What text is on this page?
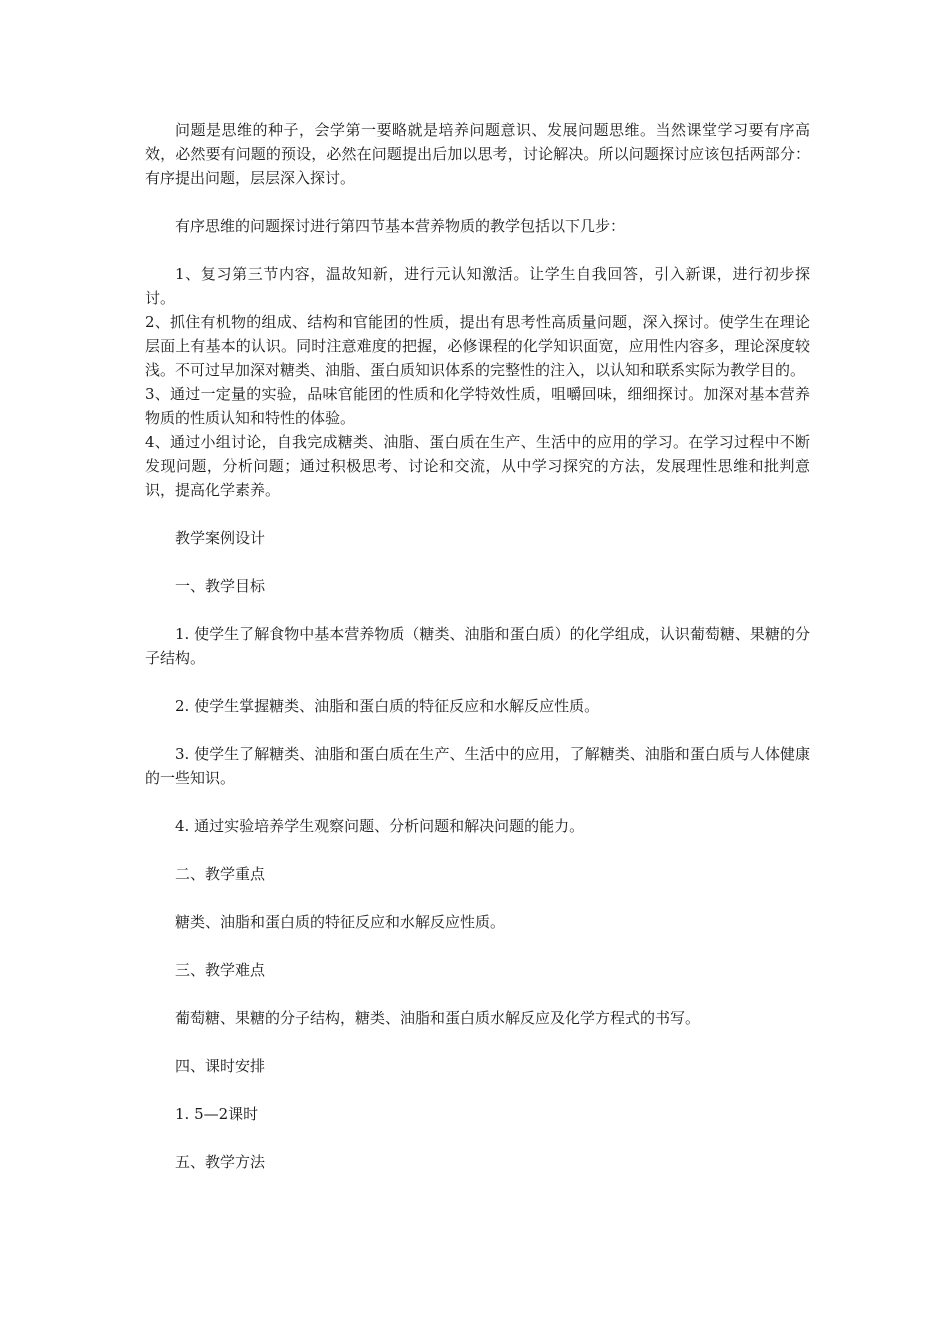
问题是思维的种子，会学第一要略就是培养问题意识、发展问题思维。当然课堂学习要有序高效，必然要有问题的预设，必然在问题提出后加以思考，讨论解决。所以问题探讨应该包括两部分：有序提出问题，层层深入探讨。

有序思维的问题探讨进行第四节基本营养物质的教学包括以下几步：

1、复习第三节内容，温故知新，进行元认知激活。让学生自我回答，引入新课，进行初步探讨。

2、抓住有机物的组成、结构和官能团的性质，提出有思考性高质量问题，深入探讨。使学生在理论层面上有基本的认识。同时注意难度的把握，必修课程的化学知识面宽，应用性内容多，理论深度较浅。不可过早加深对糖类、油脂、蛋白质知识体系的完整性的注入，以认知和联系实际为教学目的。

3、通过一定量的实验，品味官能团的性质和化学特效性质，咀嚼回味，细细探讨。加深对基本营养物质的性质认知和特性的体验。

4、通过小组讨论，自我完成糖类、油脂、蛋白质在生产、生活中的应用的学习。在学习过程中不断发现问题，分析问题；通过积极思考、讨论和交流，从中学习探究的方法，发展理性思维和批判意识，提高化学素养。

教学案例设计

一、教学目标

1. 使学生了解食物中基本营养物质（糖类、油脂和蛋白质）的化学组成，认识葡萄糖、果糖的分子结构。

2. 使学生掌握糖类、油脂和蛋白质的特征反应和水解反应性质。

3. 使学生了解糖类、油脂和蛋白质在生产、生活中的应用，了解糖类、油脂和蛋白质与人体健康的一些知识。

4. 通过实验培养学生观察问题、分析问题和解决问题的能力。

二、教学重点

糖类、油脂和蛋白质的特征反应和水解反应性质。

三、教学难点

葡萄糖、果糖的分子结构，糖类、油脂和蛋白质水解反应及化学方程式的书写。

四、课时安排

1. 5—2课时

五、教学方法
